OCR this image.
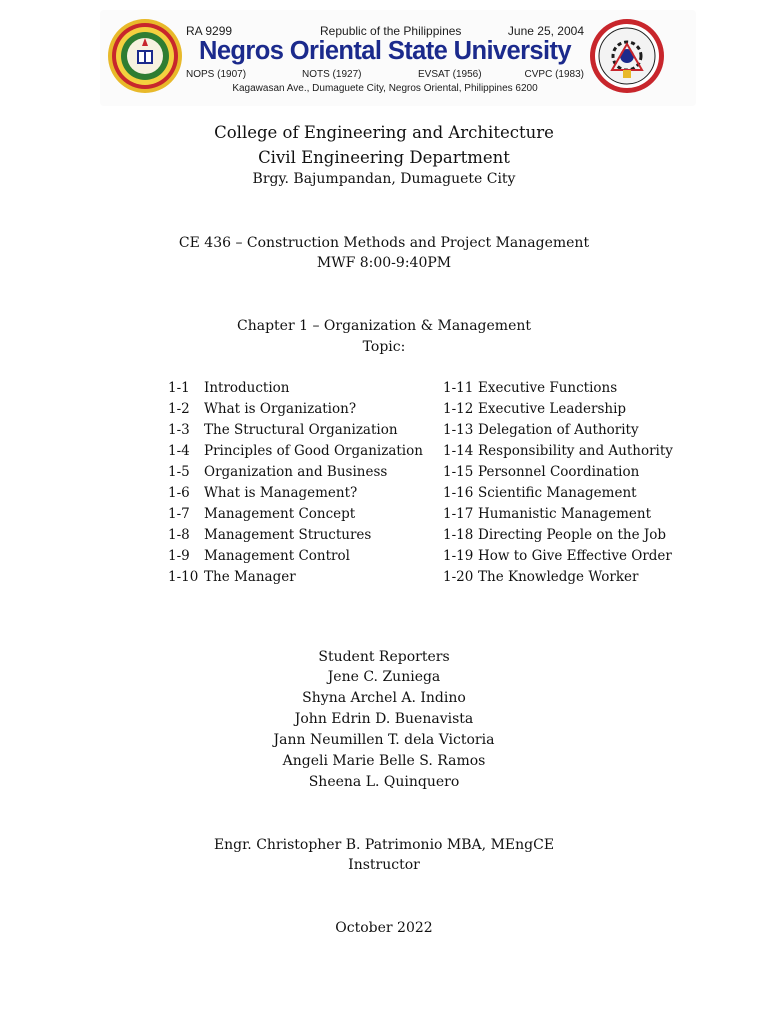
RA 9299	Republic of the Philippines	June 25, 2004
Negros Oriental State University
NOPS (1907)	NOTS (1927)	EVSAT (1956)	CVPC (1983)
Kagawasan Ave., Dumaguete City, Negros Oriental, Philippines 6200
College of Engineering and Architecture
Civil Engineering Department
Brgy. Bajumpandan, Dumaguete City
CE 436 – Construction Methods and Project Management
MWF 8:00-9:40PM
Chapter 1 – Organization & Management
Topic:
1-1 Introduction
1-2 What is Organization?
1-3 The Structural Organization
1-4 Principles of Good Organization
1-5 Organization and Business
1-6 What is Management?
1-7 Management Concept
1-8 Management Structures
1-9 Management Control
1-10 The Manager
1-11 Executive Functions
1-12 Executive Leadership
1-13 Delegation of Authority
1-14 Responsibility and Authority
1-15 Personnel Coordination
1-16 Scientific Management
1-17 Humanistic Management
1-18 Directing People on the Job
1-19 How to Give Effective Order
1-20 The Knowledge Worker
Student Reporters
Jene C. Zuniega
Shyna Archel A. Indino
John Edrin D. Buenavista
Jann Neumillen T. dela Victoria
Angeli Marie Belle S. Ramos
Sheena L. Quinquero
Engr. Christopher B. Patrimonio MBA, MEngCE
Instructor
October 2022
